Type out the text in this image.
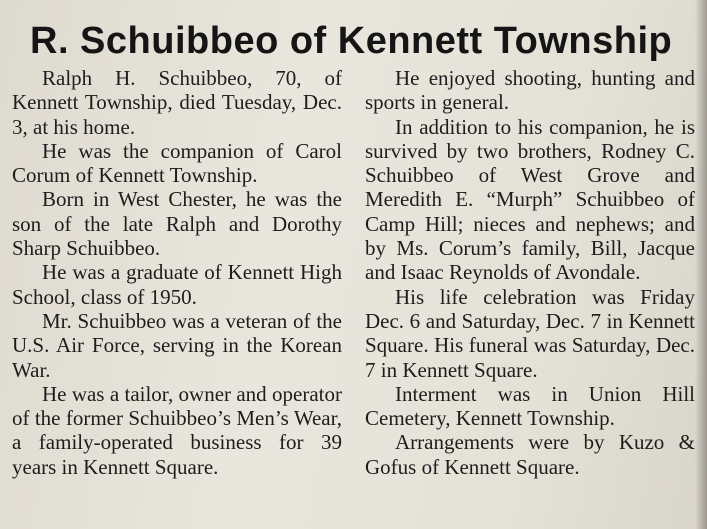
R. Schuibbeo of Kennett Township

Ralph H. Schuibbeo, 70, of Kennett Township, died Tuesday, Dec. 3, at his home.

He was the companion of Carol Corum of Kennett Township.

Born in West Chester, he was the son of the late Ralph and Dorothy Sharp Schuibbeo.

He was a graduate of Kennett High School, class of 1950.

Mr. Schuibbeo was a veteran of the U.S. Air Force, serving in the Korean War.

He was a tailor, owner and operator of the former Schuibbeo’s Men’s Wear, a family-operated business for 39 years in Kennett Square.

He enjoyed shooting, hunting and sports in general.

In addition to his companion, he is survived by two brothers, Rodney C. Schuibbeo of West Grove and Meredith E. “Murph” Schuibbeo of Camp Hill; nieces and nephews; and by Ms. Corum’s family, Bill, Jacque and Isaac Reynolds of Avondale.

His life celebration was Friday Dec. 6 and Saturday, Dec. 7 in Kennett Square. His funeral was Saturday, Dec. 7 in Kennett Square.

Interment was in Union Hill Cemetery, Kennett Township.

Arrangements were by Kuzo & Gofus of Kennett Square.
